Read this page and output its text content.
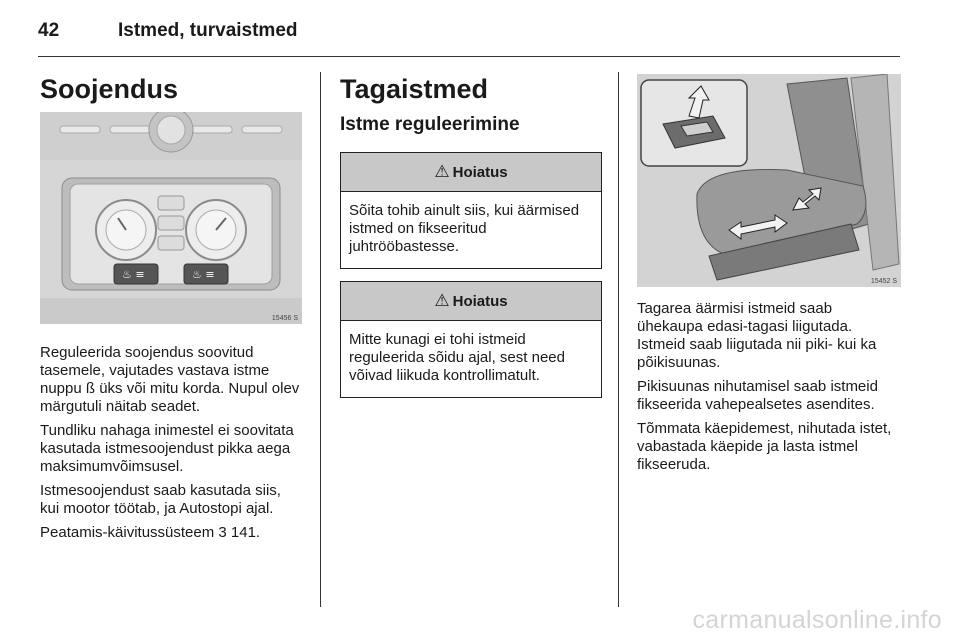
42	Istmed, turvaistmed
Soojendus
♨ ≡	♨ ≡
15456 S

Reguleerida soojendus soovitud tasemele, vajutades vastava istme nuppu ß üks või mitu korda. Nupul olev märgutuli näitab seadet.

Tundliku nahaga inimestel ei soovitata kasutada istmesoojendust pikka aega maksimumvõimsusel.

Istmesoojendust saab kasutada siis, kui mootor töötab, ja Autostopi ajal.

Peatamis-käivitussüsteem 3 141.

Tagaistmed
Istme reguleerimine
⚠ Hoiatus
Sõita tohib ainult siis, kui äärmised istmed on fikseeritud juhtrööbastesse.
⚠ Hoiatus
Mitte kunagi ei tohi istmeid reguleerida sõidu ajal, sest need võivad liikuda kontrollimatult.
15452 S

Tagarea äärmisi istmeid saab ühekaupa edasi-tagasi liigutada. Istmeid saab liigutada nii piki- kui ka põikisuunas.

Pikisuunas nihutamisel saab istmeid fikseerida vahepealsetes asendites.

Tõmmata käepidemest, nihutada istet, vabastada käepide ja lasta istmel fikseeruda.

carmanualsonline.info
